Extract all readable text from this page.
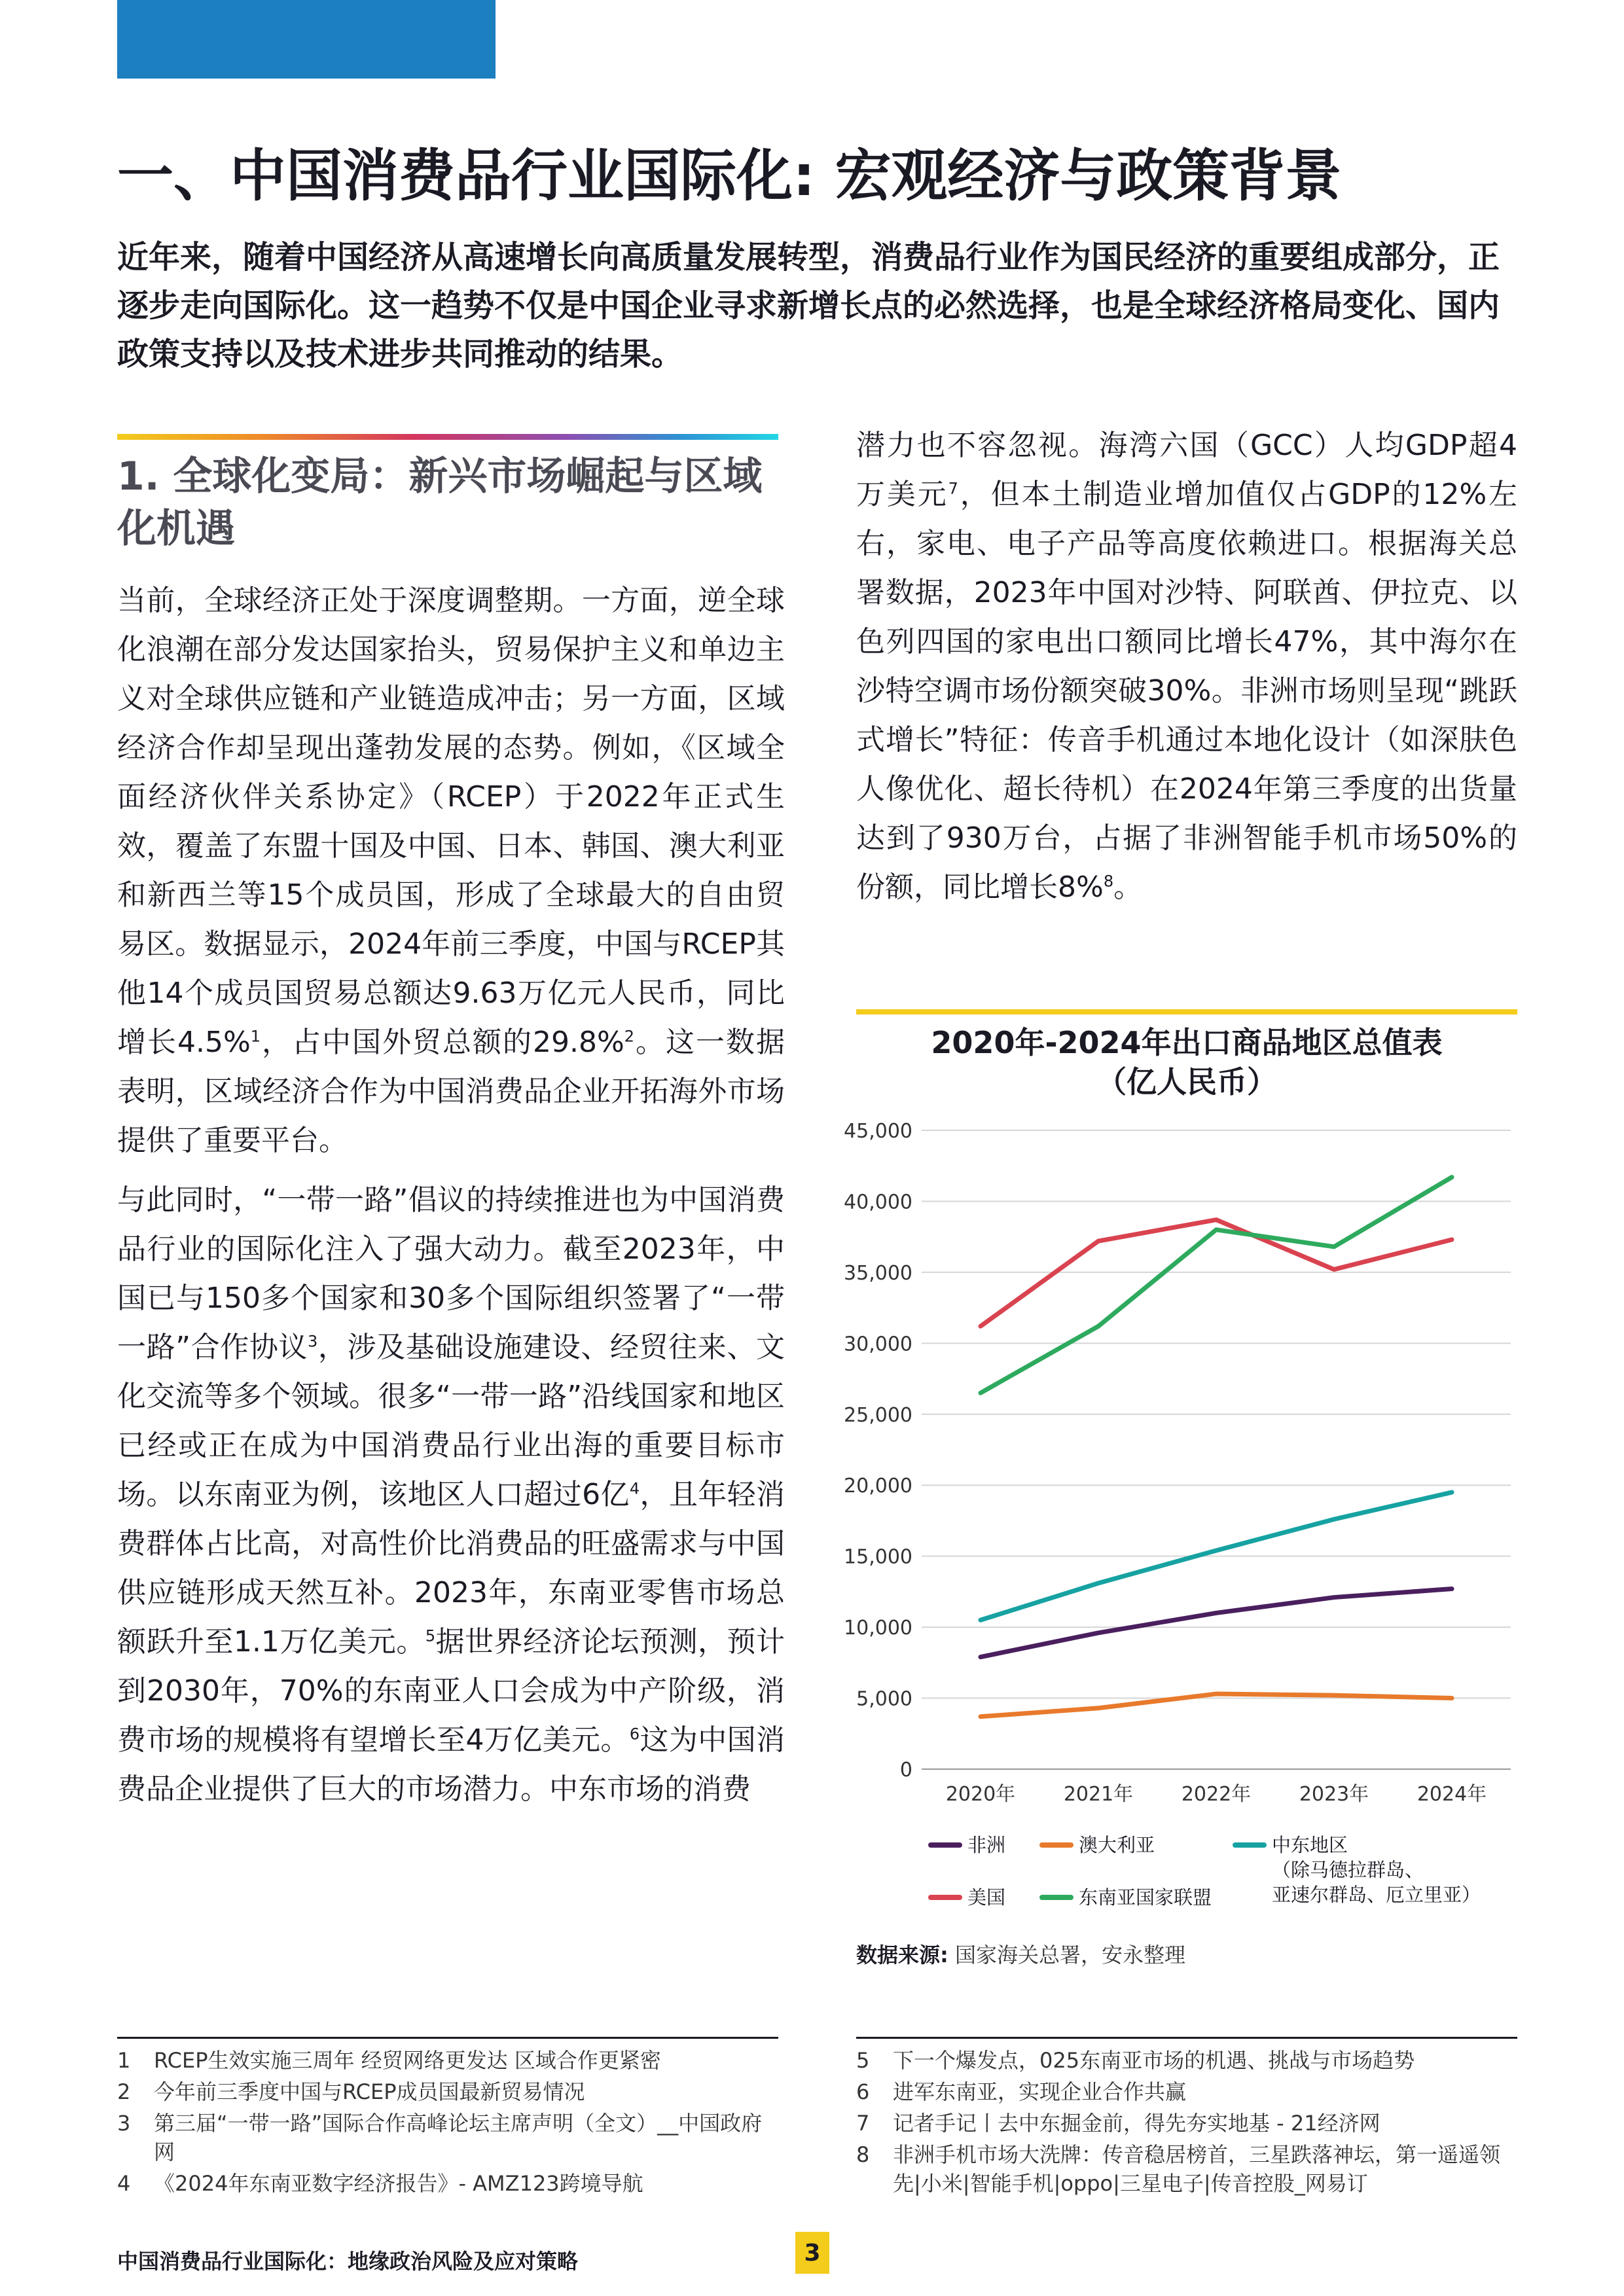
一、中国消费品行业国际化: 宏观经济与政策背景

近年来，随着中国经济从高速增长向高质量发展转型，消费品行业作为国民经济的重要组成部分，正逐步走向国际化。这一趋势不仅是中国企业寻求新增长点的必然选择，也是全球经济格局变化、国内政策支持以及技术进步共同推动的结果。

1. 全球化变局：新兴市场崛起与区域化机遇

当前，全球经济正处于深度调整期。一方面，逆全球化浪潮在部分发达国家抬头，贸易保护主义和单边主义对全球供应链和产业链造成冲击；另一方面，区域经济合作却呈现出蓬勃发展的态势。例如，《区域全面经济伙伴关系协定》（RCEP）于2022年正式生效，覆盖了东盟十国及中国、日本、韩国、澳大利亚和新西兰等15个成员国，形成了全球最大的自由贸易区。数据显示，2024年前三季度，中国与RCEP其他14个成员国贸易总额达9.63万亿元人民币，同比增长4.5%$^1$，占中国外贸总额的29.8%$^2$。这一数据表明，区域经济合作为中国消费品企业开拓海外市场提供了重要平台。

与此同时，“一带一路”倡议的持续推进也为中国消费品行业的国际化注入了强大动力。截至2023年，中国已与150多个国家和30多个国际组织签署了“一带一路”合作协议$^3$，涉及基础设施建设、经贸往来、文化交流等多个领域。很多“一带一路”沿线国家和地区已经或正在成为中国消费品行业出海的重要目标市场。以东南亚为例，该地区人口超过6亿$^4$，且年轻消费群体占比高，对高性价比消费品的旺盛需求与中国供应链形成天然互补。2023年，东南亚零售市场总额跃升至1.1万亿美元。$^5$据世界经济论坛预测，预计到2030年，70%的东南亚人口会成为中产阶级，消费市场的规模将有望增长至4万亿美元。$^6$这为中国消费品企业提供了巨大的市场潜力。中东市场的消费

潜力也不容忽视。海湾六国（GCC）人均GDP超4万美元$^7$，但本土制造业增加值仅占GDP的12%左右，家电、电子产品等高度依赖进口。根据海关总署数据，2023年中国对沙特、阿联酋、伊拉克、以色列四国的家电出口额同比增长47%，其中海尔在沙特空调市场份额突破30%。非洲市场则呈现“跳跃式增长”特征：传音手机通过本地化设计（如深肤色人像优化、超长待机）在2024年第三季度的出货量达到了930万台，占据了非洲智能手机市场50%的份额，同比增长8%$^8$。

2020年-2024年出口商品地区总值表
（亿人民币）
0
5,000
10,000
15,000
20,000
25,000
30,000
35,000
40,000
45,000
2020年 2021年 2022年 2023年 2024年
非洲
美国
澳大利亚
东南亚国家联盟
中东地区
（除马德拉群岛、
亚速尔群岛、厄立里亚）

数据来源: 国家海关总署，安永整理

1	RCEP生效实施三周年 经贸网络更发达 区域合作更紧密
2	今年前三季度中国与RCEP成员国最新贸易情况
3	第三届“一带一路”国际合作高峰论坛主席声明（全文）__中国政府网
4	《2024年东南亚数字经济报告》- AMZ123跨境导航
5	下一个爆发点，025东南亚市场的机遇、挑战与市场趋势
6	进军东南亚，实现企业合作共赢
7	记者手记丨去中东掘金前，得先夯实地基 - 21经济网
8	非洲手机市场大洗牌：传音稳居榜首，三星跌落神坛，第一遥遥领先|小米|智能手机|oppo|三星电子|传音控股_网易订

中国消费品行业国际化：地缘政治风险及应对策略	3
